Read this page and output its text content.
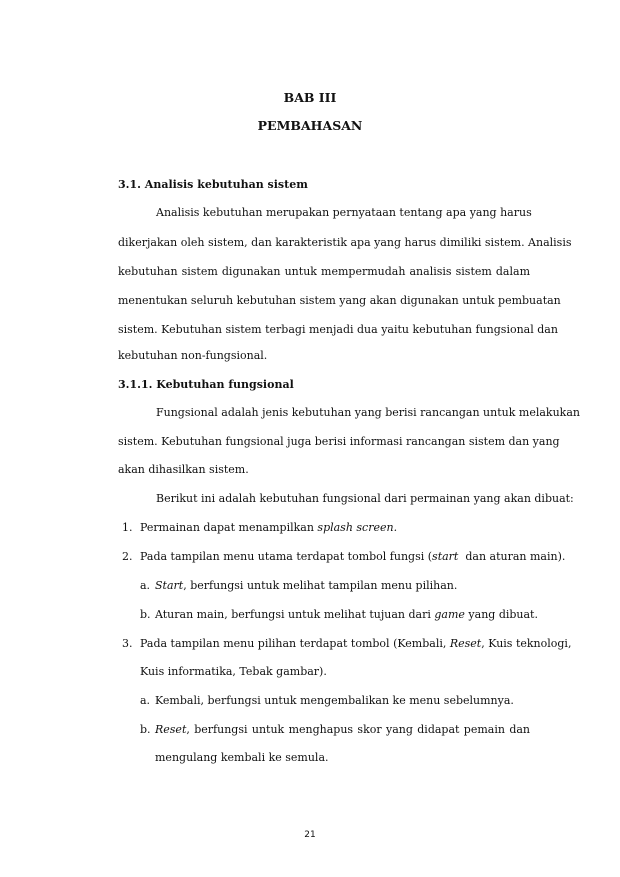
BAB III
PEMBAHASAN
3.1. Analisis kebutuhan sistem
Analisis kebutuhan merupakan pernyataan tentang apa yang harus
dikerjakan oleh sistem, dan karakteristik apa yang harus dimiliki sistem. Analisis
kebutuhan sistem digunakan untuk mempermudah analisis sistem dalam
menentukan seluruh kebutuhan sistem yang akan digunakan untuk pembuatan
sistem. Kebutuhan sistem terbagi menjadi dua yaitu kebutuhan fungsional dan
kebutuhan non-fungsional.
3.1.1. Kebutuhan fungsional
Fungsional adalah jenis kebutuhan yang berisi rancangan untuk melakukan
sistem. Kebutuhan fungsional juga berisi informasi rancangan sistem dan yang
akan dihasilkan sistem.
Berikut ini adalah kebutuhan fungsional dari permainan yang akan dibuat:
1. Permainan dapat menampilkan splash screen.
2. Pada tampilan menu utama terdapat tombol fungsi (start  dan aturan main).
a. Start, berfungsi untuk melihat tampilan menu pilihan.
b. Aturan main, berfungsi untuk melihat tujuan dari game yang dibuat.
3. Pada tampilan menu pilihan terdapat tombol (Kembali, Reset, Kuis teknologi,
Kuis informatika, Tebak gambar).
a. Kembali, berfungsi untuk mengembalikan ke menu sebelumnya.
b. Reset, berfungsi untuk menghapus skor yang didapat pemain dan
mengulang kembali ke semula.
21
